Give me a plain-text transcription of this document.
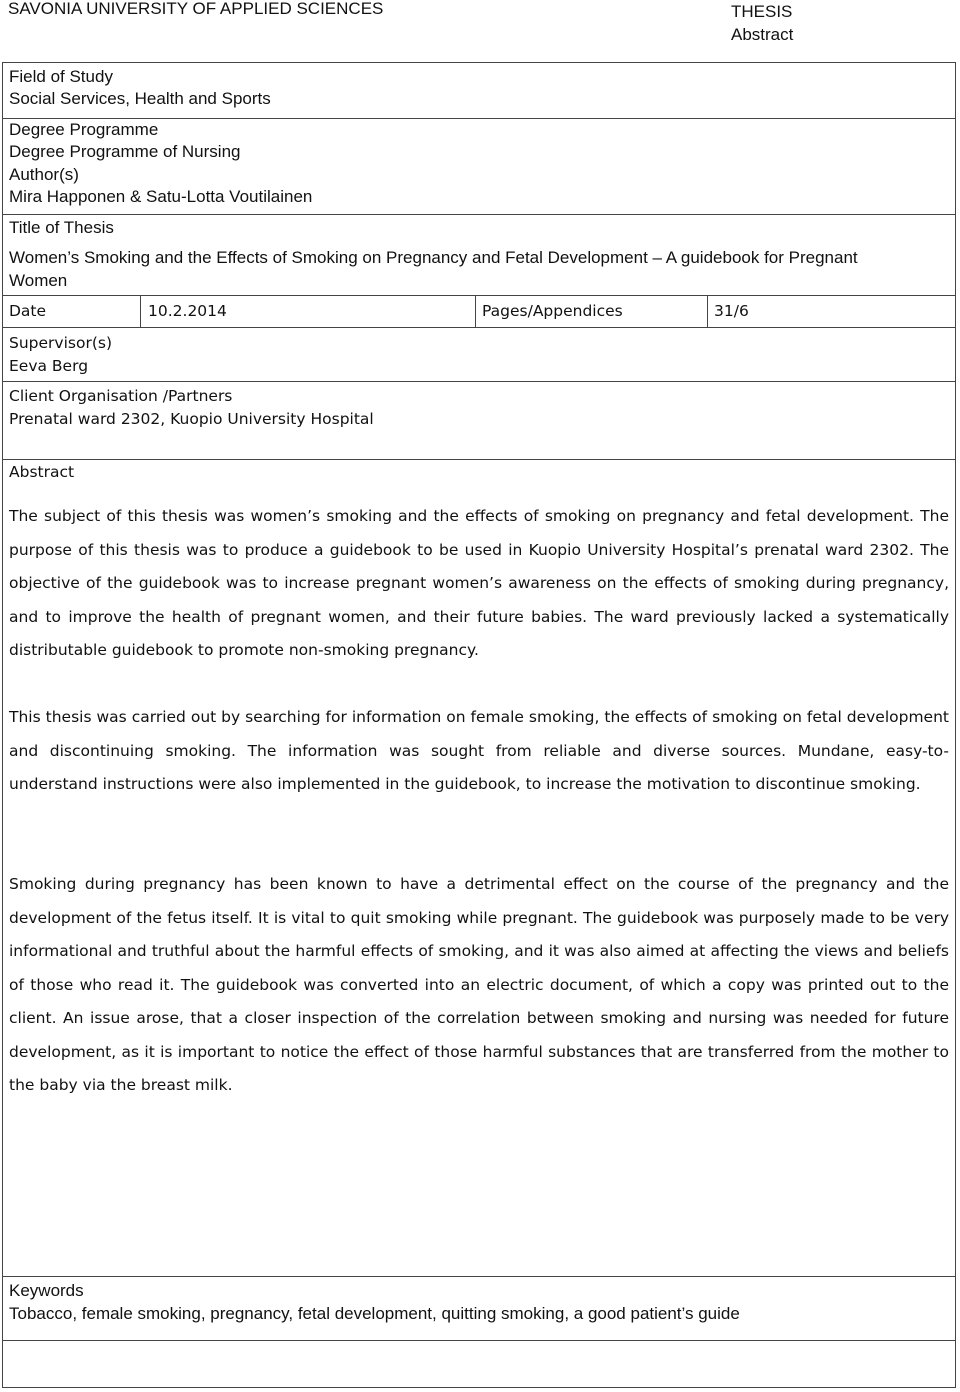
SAVONIA UNIVERSITY OF APPLIED SCIENCES	THESIS
Abstract
Field of Study
Social Services, Health and Sports
Degree Programme
Degree Programme of Nursing
Author(s)
Mira Happonen & Satu-Lotta Voutilainen
Title of Thesis
Women’s Smoking and the Effects of Smoking on Pregnancy and Fetal Development – A guidebook for Pregnant
Women
Date	10.2.2014	Pages/Appendices	31/6
Supervisor(s)
Eeva Berg
Client Organisation /Partners
Prenatal ward 2302, Kuopio University Hospital
Abstract
The subject of this thesis was women’s smoking and the effects of smoking on pregnancy and fetal development. The purpose of this thesis was to produce a guidebook to be used in Kuopio University Hospital’s prenatal ward 2302. The objective of the guidebook was to increase pregnant women’s awareness on the effects of smoking during pregnancy, and to improve the health of pregnant women, and their future babies. The ward previously lacked a systematically distributable guidebook to promote non-smoking pregnancy.
This thesis was carried out by searching for information on female smoking, the effects of smoking on fetal development and discontinuing smoking. The information was sought from reliable and diverse sources. Mundane, easy-to-understand instructions were also implemented in the guidebook, to increase the motivation to discontinue smoking.
Smoking during pregnancy has been known to have a detrimental effect on the course of the pregnancy and the development of the fetus itself. It is vital to quit smoking while pregnant. The guidebook was purposely made to be very informational and truthful about the harmful effects of smoking, and it was also aimed at affecting the views and beliefs of those who read it. The guidebook was converted into an electric document, of which a copy was printed out to the client. An issue arose, that a closer inspection of the correlation between smoking and nursing was needed for future development, as it is important to notice the effect of those harmful substances that are transferred from the mother to the baby via the breast milk.
Keywords
Tobacco, female smoking, pregnancy, fetal development, quitting smoking, a good patient’s guide
